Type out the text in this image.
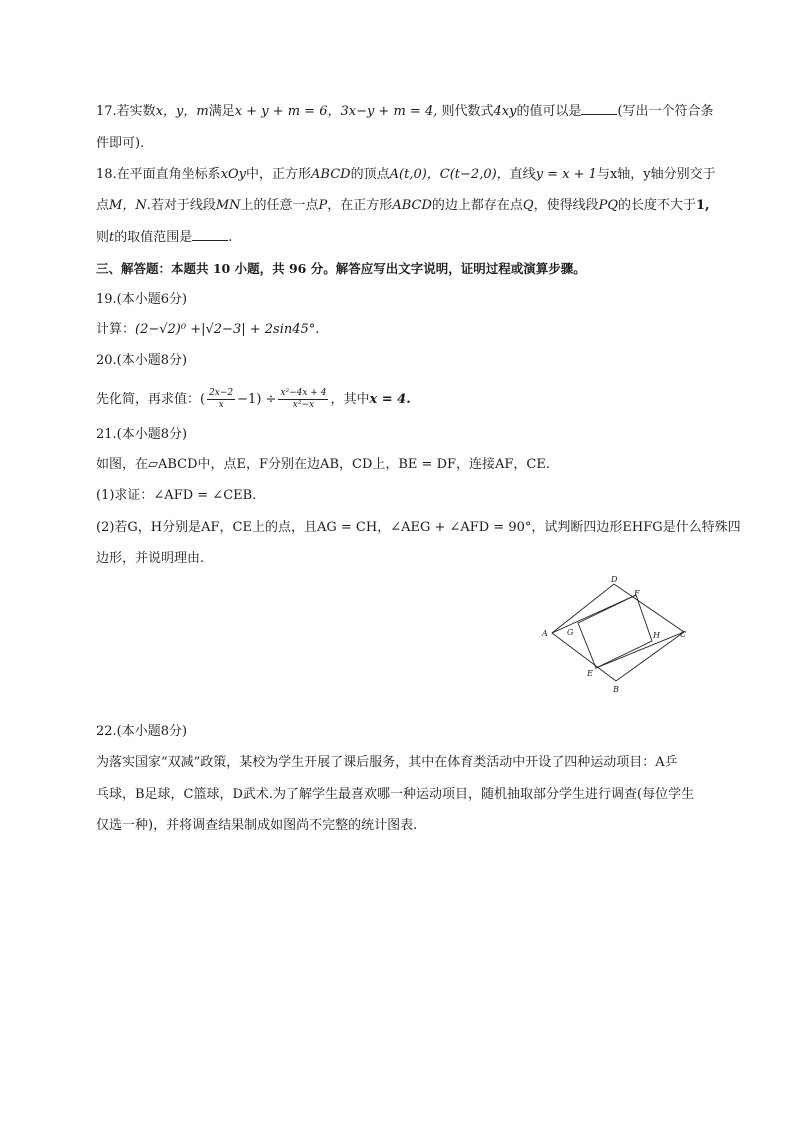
17.若实数x，y，m满足x + y + m = 6，3x−y + m = 4, 则代数式4xy的值可以是	(写出一个符合条
件即可).
18.在平面直角坐标系xOy中，正方形ABCD的顶点A(t,0)，C(t−2,0)，直线y = x + 1与x轴，y轴分别交于
点M，N.若对于线段MN上的任意一点P，在正方形ABCD的边上都存在点Q，使得线段PQ的长度不大于1,
则t的取值范围是	.
三、解答题：本题共 10 小题，共 96 分。解答应写出文字说明，证明过程或演算步骤。
19.(本小题6分)
计算：(2−√2)⁰ +|√2−3| + 2sin45°.
20.(本小题8分)
先化简，再求值：( $\frac{2x-2}{x} -1) \div \frac{\text{x²−4x + 4}}{\text{x²−x}}$ ，其中x = 4.
21.(本小题8分)
如图，在▱ABCD中，点E，F分别在边AB，CD上，BE = DF，连接AF，CE.
(1)求证：∠AFD = ∠CEB.
(2)若G，H分别是AF，CE上的点，且AG = CH，∠AEG + ∠AFD = 90°，试判断四边形EHFG是什么特殊四
边形，并说明理由.
A
B
C
D
E
F
G	H
22.(本小题8分)
为落实国家“双减”政策，某校为学生开展了课后服务，其中在体育类活动中开设了四种运动项目：A乒
乓球，B足球，C篮球，D武术.为了解学生最喜欢哪一种运动项目，随机抽取部分学生进行调查(每位学生
仅选一种)，并将调查结果制成如图尚不完整的统计图表.
